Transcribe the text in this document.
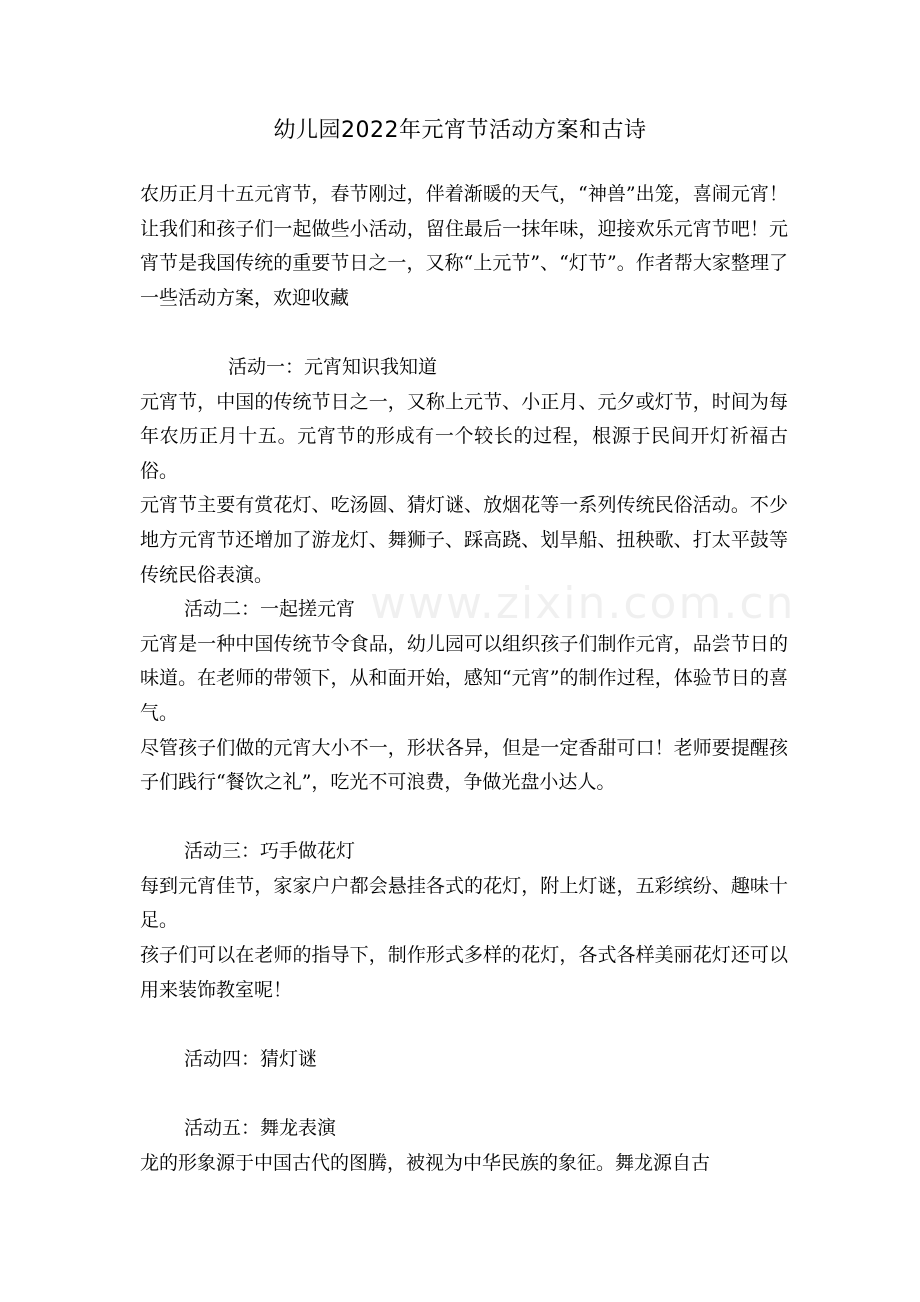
幼儿园2022年元宵节活动方案和古诗

农历正月十五元宵节，春节刚过，伴着渐暖的天气，“神兽”出笼，喜闹元宵！让我们和孩子们一起做些小活动，留住最后一抹年味，迎接欢乐元宵节吧！元宵节是我国传统的重要节日之一，又称“上元节”、“灯节”。作者帮大家整理了一些活动方案，欢迎收藏

活动一：元宵知识我知道

元宵节，中国的传统节日之一，又称上元节、小正月、元夕或灯节，时间为每年农历正月十五。元宵节的形成有一个较长的过程，根源于民间开灯祈福古俗。

元宵节主要有赏花灯、吃汤圆、猜灯谜、放烟花等一系列传统民俗活动。不少地方元宵节还增加了游龙灯、舞狮子、踩高跷、划旱船、扭秧歌、打太平鼓等传统民俗表演。

活动二：一起搓元宵

元宵是一种中国传统节令食品，幼儿园可以组织孩子们制作元宵，品尝节日的味道。在老师的带领下，从和面开始，感知“元宵”的制作过程，体验节日的喜气。

尽管孩子们做的元宵大小不一，形状各异，但是一定香甜可口！老师要提醒孩子们践行“餐饮之礼”，吃光不可浪费，争做光盘小达人。

活动三：巧手做花灯

每到元宵佳节，家家户户都会悬挂各式的花灯，附上灯谜，五彩缤纷、趣味十足。

孩子们可以在老师的指导下，制作形式多样的花灯，各式各样美丽花灯还可以用来装饰教室呢！

活动四：猜灯谜

活动五：舞龙表演

龙的形象源于中国古代的图腾，被视为中华民族的象征。舞龙源自古

www.zixin.com.cn
